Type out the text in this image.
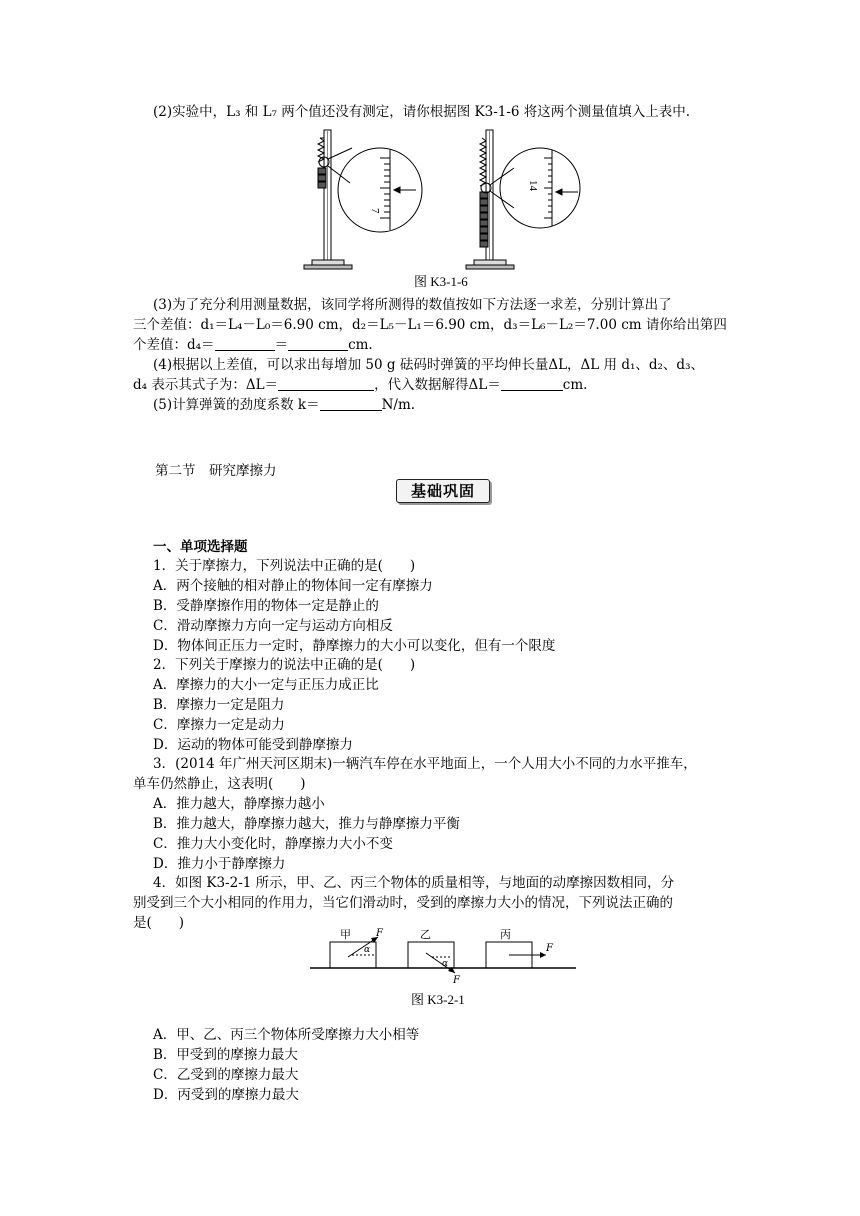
(2)实验中，L₃ 和 L₇ 两个值还没有测定，请你根据图 K3-1-6 将这两个测量值填入上表中.
7
14
图 K3-1-6
(3)为了充分利用测量数据，该同学将所测得的数值按如下方法逐一求差，分别计算出了
三个差值：d₁＝L₄－L₀＝6.90 cm，d₂＝L₅－L₁＝6.90 cm，d₃＝L₆－L₂＝7.00 cm 请你给出第四
个差值：d₄＝	＝	cm.
(4)根据以上差值，可以求出每增加 50 g 砝码时弹簧的平均伸长量ΔL，ΔL 用 d₁、d₂、d₃、
d₄ 表示其式子为：ΔL＝	，代入数据解得ΔL＝	cm.
(5)计算弹簧的劲度系数 k＝	N/m.
第二节　研究摩擦力
基础巩固
一、单项选择题
1．关于摩擦力，下列说法中正确的是(　　)
A．两个接触的相对静止的物体间一定有摩擦力
B．受静摩擦作用的物体一定是静止的
C．滑动摩擦力方向一定与运动方向相反
D．物体间正压力一定时，静摩擦力的大小可以变化，但有一个限度
2．下列关于摩擦力的说法中正确的是(　　)
A．摩擦力的大小一定与正压力成正比
B．摩擦力一定是阻力
C．摩擦力一定是动力
D．运动的物体可能受到静摩擦力
3．(2014 年广州天河区期末)一辆汽车停在水平地面上，一个人用大小不同的力水平推车，
单车仍然静止，这表明(　　)
A．推力越大，静摩擦力越小
B．推力越大，静摩擦力越大，推力与静摩擦力平衡
C．推力大小变化时，静摩擦力大小不变
D．推力小于静摩擦力
4．如图 K3-2-1 所示，甲、乙、丙三个物体的质量相等，与地面的动摩擦因数相同，分
别受到三个大小相同的作用力，当它们滑动时，受到的摩擦力大小的情况，下列说法正确的
是(　　)
甲
α
F	乙
α
F
丙
F
图 K3-2-1
A．甲、乙、丙三个物体所受摩擦力大小相等
B．甲受到的摩擦力最大
C．乙受到的摩擦力最大
D．丙受到的摩擦力最大
